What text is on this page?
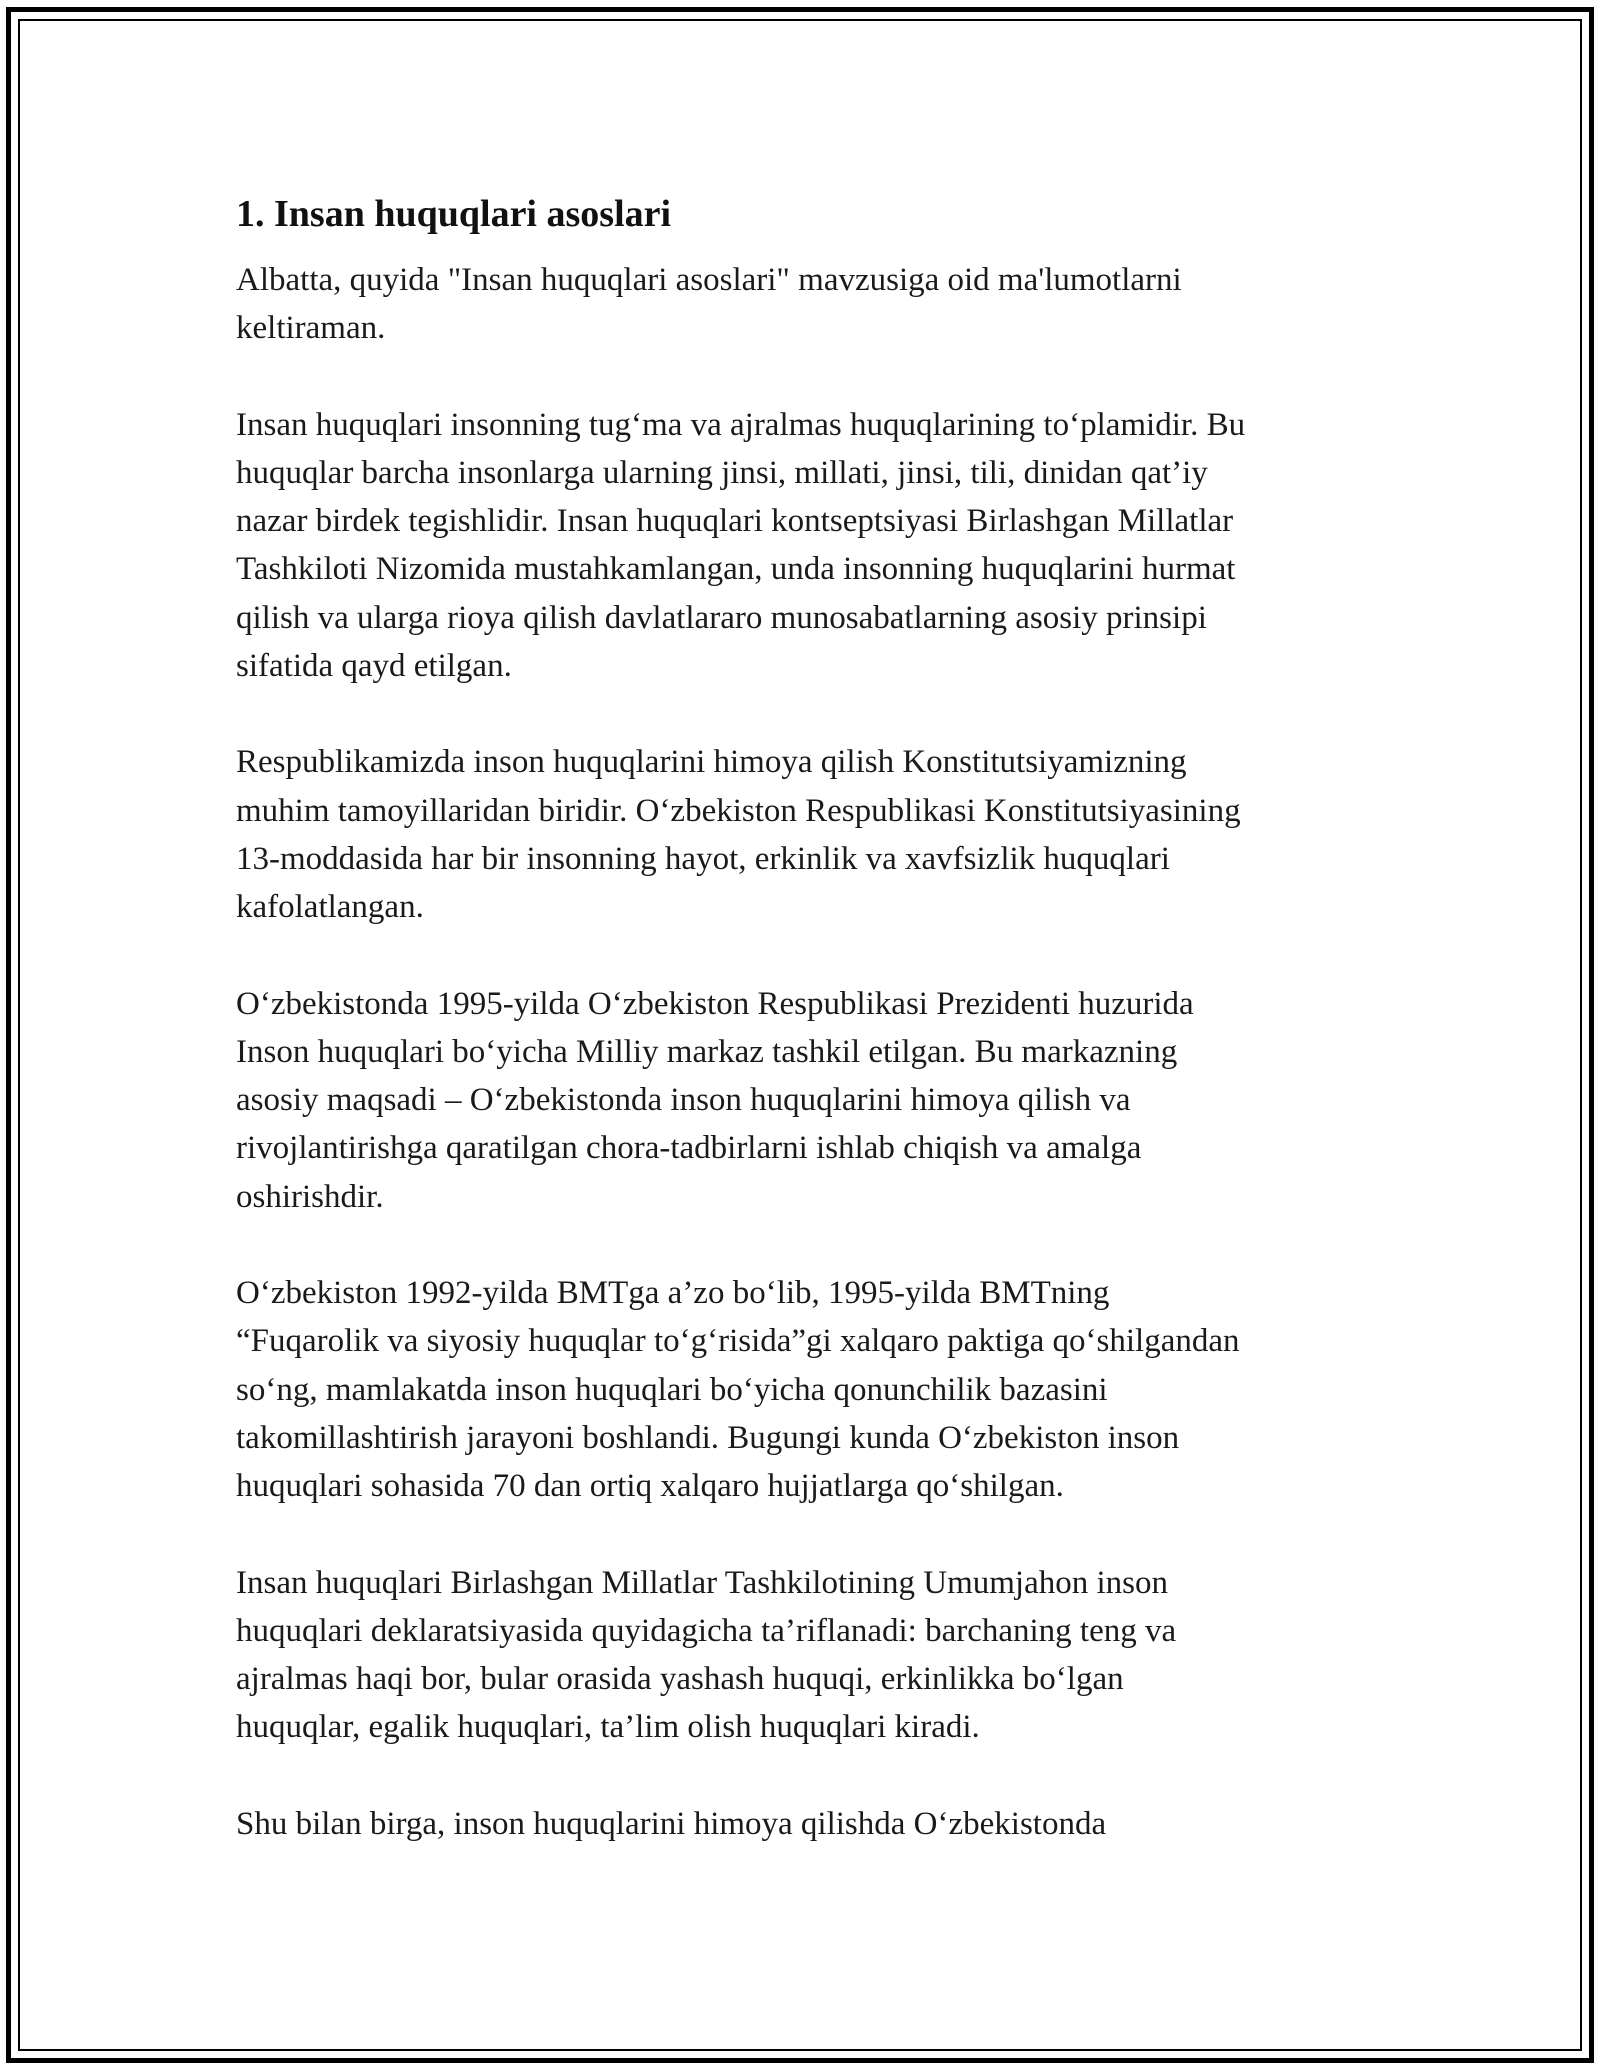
1. Insan huquqlari asoslari

Albatta, quyida "Insan huquqlari asoslari" mavzusiga oid ma'lumotlarni
keltiraman.

Insan huquqlari insonning tug‘ma va ajralmas huquqlarining to‘plamidir. Bu
huquqlar barcha insonlarga ularning jinsi, millati, jinsi, tili, dinidan qat’iy
nazar birdek tegishlidir. Insan huquqlari kontseptsiyasi Birlashgan Millatlar
Tashkiloti Nizomida mustahkamlangan, unda insonning huquqlarini hurmat
qilish va ularga rioya qilish davlatlararo munosabatlarning asosiy prinsipi
sifatida qayd etilgan.

Respublikamizda inson huquqlarini himoya qilish Konstitutsiyamizning
muhim tamoyillaridan biridir. O‘zbekiston Respublikasi Konstitutsiyasining
13-moddasida har bir insonning hayot, erkinlik va xavfsizlik huquqlari
kafolatlangan.

O‘zbekistonda 1995-yilda O‘zbekiston Respublikasi Prezidenti huzurida
Inson huquqlari bo‘yicha Milliy markaz tashkil etilgan. Bu markazning
asosiy maqsadi – O‘zbekistonda inson huquqlarini himoya qilish va
rivojlantirishga qaratilgan chora-tadbirlarni ishlab chiqish va amalga
oshirishdir.

O‘zbekiston 1992-yilda BMTga a’zo bo‘lib, 1995-yilda BMTning
“Fuqarolik va siyosiy huquqlar to‘g‘risida”gi xalqaro paktiga qo‘shilgandan
so‘ng, mamlakatda inson huquqlari bo‘yicha qonunchilik bazasini
takomillashtirish jarayoni boshlandi. Bugungi kunda O‘zbekiston inson
huquqlari sohasida 70 dan ortiq xalqaro hujjatlarga qo‘shilgan.

Insan huquqlari Birlashgan Millatlar Tashkilotining Umumjahon inson
huquqlari deklaratsiyasida quyidagicha ta’riflanadi: barchaning teng va
ajralmas haqi bor, bular orasida yashash huquqi, erkinlikka bo‘lgan
huquqlar, egalik huquqlari, ta’lim olish huquqlari kiradi.

Shu bilan birga, inson huquqlarini himoya qilishda O‘zbekistonda
